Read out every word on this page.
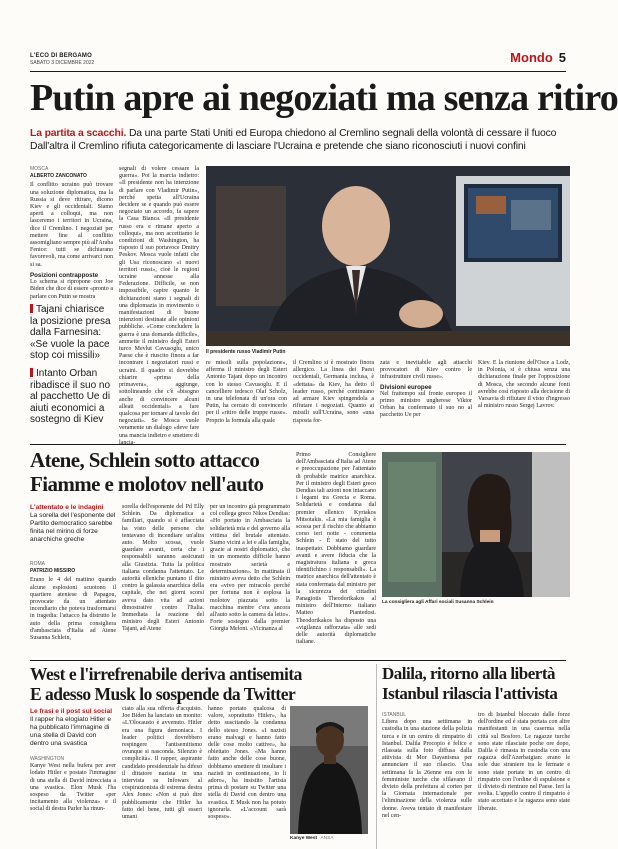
L'ECO DI BERGAMO
SABATO 3 DICEMBRE 2022	Mondo 5
Putin apre ai negoziati ma senza ritiro
La partita a scacchi. Da una parte Stati Uniti ed Europa chiedono al Cremlino segnali della volontà di cessare il fuoco Dall'altra il Cremlino rifiuta categoricamente di lasciare l'Ucraina e pretende che siano riconosciuti i nuovi confini
MOSCA
ALBERTO ZANCONATO
Il conflitto ucraino può trovare una soluzione diplomatica, ma la Russia si deve ritirare, dicono Kiev e gli occidentali. Siamo aperti a colloqui, ma non lasceremo i territori in Ucraina, dice il Cremlino. I negoziati per mettere fine al conflitto assomigliano sempre più all'Araba Fenice: tutti se dichiarano favorevoli, ma come arrivarci non si sa.
Posizioni contrapposte
Lo schema si ripropone con Joe Biden che dice di essere «pronto a parlare con Putin se mostra
Tajani chiarisce la posizione presa dalla Farnesina: «Se vuole la pace stop coi missili»
Intanto Orban ribadisce il suo no al pacchetto Ue di aiuti economici a sostegno di Kiev
segnali di volere cessare la guerra». Poi la marcia indietro: «Il presidente non ha intenzione di parlare con Vladimir Putin», perché spetta all'Ucraina decidere se e quando può essere negoziato un accordo, fa sapere la Casa Bianca. «Il presidente russo era e rimane aperto a colloqui», ma non accettiamo le condizioni di Washington, ha risposto il suo portavoce Dmitry Peskov. Mosca vuole infatti che gli Usa riconoscano «i nuovi territori russi», cioè le regioni ucraine annesse alla Federazione. Difficile, se non impossibile, capire quanto le dichiarazioni siano i segnali di una diplomazia in movimento o manifestazioni di buone intenzioni destinate alle opinioni pubbliche. «Come concludere la guerra è una domanda difficile», ammette il ministro degli Esteri turco Mevlut Cavusoglu, unico Paese che è riuscito finora a far incontrare i negoziatori russi e ucraini. Il quadro si dovrebbe chiarire «prima della primavera», aggiunge, sottolineando che c'è «bisogno anche di convincere alcuni alleati occidentali» a fare qualcosa per tornare al tavolo dei negoziati». Se Mosca vuole veramente un dialogo «deve fare una mancia indietro e smettere di lancia-
Il presidente russo Vladimir Putin
re missili sulla popolazione», afferma il ministro degli Esteri Antonio Tajani dopo un incontro con lo stesso Cavusoglu. E il cancelliere tedesco Olaf Scholz, in una telefonata di un'ora con Putin, ha cercato di convincerlo per il «ritiro delle truppe russe». Proprio la formula alla quale
il Cremlino si è mostrato finora allergico. La linea dei Paesi occidentali, Germania inclusa, è «dettata» da Kiev, ha detto il leader russo, perché continuano ad armare Kiev spingendola a rifiutare i negoziati. Quanto ai missili sull'Ucraina, sono «una risposta for-
zata e inevitabile agli attacchi provocatori di Kiev contro le infrastrutture civili russe».
Divisioni europee
Nel frattempo sul fronte europeo il primo ministro ungherese Viktor Orban ha confermato il suo no al pacchetto Ue per
Kiev. E la riunione dell'Osce a Lodz, in Polonia, si è chiusa senza una dichiarazione finale per l'opposizione di Mosca, che secondo alcune fonti avrebbe così risposto alla decisione di Varsavia di rifiutare il visto d'ingresso al ministro russo Sergej Lavrov.
Atene, Schlein sotto attacco
Fiamme e molotov nell'auto
L'attentato e le indagini
La sorella del l'esponente del Partito democratico sarebbe finita nel mirino di forze anarchiche greche
ROMA
PATRIZIO MISSIRO
Erano le 4 del mattino quando alcune esplosioni scuotono il quartiere ateniese di Papagou, provocate da un attentato incendiario che poteva trasformarsi in tragedia: l'attacco ha distrutto le auto della prima consigliera d'ambasciata d'Italia ad Atene Susanna Schlein,
sorella dell'esponente del Pd Elly Schlein. Da diplomatica a familiari, quando si è affacciata ha visto delle persone che tentavano di incendiare un'altra auto. Molto scossa, vuole guardare avanti, certa che i responsabili saranno assicurati alla Giustizia. Tutta la politica italiana condanna l'attentato. Le autorità elleniche puntano il dito contro la galassia anarchica della capitale, che nei giorni scorsi aveva dato vita ad azioni dimostrative contro l'Italia. Immediata la reazione del ministro degli Esteri Antonio Tajani, ad Atene
per un incontro già programmato col collega greco Nikos Dendias: «Ho portato in Ambasciata la solidarietà mia e del governo alla vittima del brutale attentato. Siamo vicini a lei e alla famiglia, grazie ai nostri diplomatici, che in un momento difficile hanno mostrato serietà e determinazione». In mattinata il ministro aveva detto che Schlein era «vivo per miracolo perché per fortuna non è esplosa la molotov piazzata sotto la macchina mentre c'era ancora all'auto sotto la camera da letto». Forte sostegno dalla premier Giorgia Meloni. «Vicinanza al
Primo Consigliere dell'Ambasciata d'Italia ad Atene e preoccupazione per l'attentato di probabile matrice anarchica. Per il ministro degli Esteri greco Dendias tali azioni non intaccano i legami tra Grecia e Roma. Solidarietà e condanna dal premier ellenico Kyriakos Mitsotakis. «La mia famiglia è scossa per il rischio che abbiamo corso ieri notte - commenta Schlein - È stato del tutto inaspettato. Dobbiamo guardare avanti e avere fiducia che la magistratura italiana e greca identifichino i responsabili». La matrice anarchica dell'attentato è stata confermata dal ministro per la sicurezza dei cittadini Panagiotis Theodorikakos al ministro dell'Interno italiano Matteo Piantedosi. Theodorikakos ha disposto una «vigilanza rafforzata» alle sedi delle autorità diplomatiche italiane.
La consigliera agli Affari sociali Susanna Schlein
West e l'irrefrenabile deriva antisemita
E adesso Musk lo sospende da Twitter
Le frasi e il post sul social
Il rapper ha elogiato Hitler e ha pubblicato l'immagine di una stella di David con dentro una svastica
WASHINGTON
Kanye West nella bufera per aver lodato Hitler e postato l'immagine di una stella di David intrecciata a una svastica. Elon Musk l'ha sospeso da Twitter «per incitamento alla violenza» e il social di destra Parler ha rinun-
ciato alla sua offerta d'acquisto. Joe Biden ha lanciato un monito: «L'Olocausto è avvenuto. Hitler era una figura demoniaca. I leader politici dovrebbero respingere l'antisemitismo ovunque si nasconda. Silenzio è complicità». Il rapper, aspirante candidato presidenziale ha difeso il dittatore nazista in una intervista su Infowars al cospirazionista di estrema destra Alex Jones: «Non si può dire pubblicamente che Hitler ha fatto del bene, tutti gli esseri umani
hanno portato qualcosa di valore, soprattutto Hitler», ha detto suscitando la condanna dello stesso Jones. «I nazisti erano malvagi e hanno fatto delle cose molto cattive», ha obiettato Jones. «Ma hanno fatto anche delle cose buone, dobbiamo smettere di insultare i nazisti in continuazione, io li adoro», ha insistito l'artista prima di postare su Twitter una stella di David con dentro una svastica. E Musk non ha potuto ignorarla. «L'account sarà sospeso».
Kanye West ANSA
Dalila, ritorno alla libertà
Istanbul rilascia l'attivista
ISTANBUL
Libera dopo una settimana in custodia in una stazione della polizia turca e in un centro di rimpatrio di Istanbul. Dalila Procopio è felice e rilassata sulla foto diffusa dalla attivista di Mor Dayanisma per annunciare il suo rilascio. Una settimana fa la 26enne era con le femministe turche che sfilavano il divieto della prefettura al corteo per la Giornata internazionale per l'eliminazione della violenza sulle donne. Aveva tentato di manifestare nel cen-
tro di Istanbul bloccato dalle forze dell'ordine ed è stata portata con altre manifestanti in una caserma nella città sul Bosforo. Le ragazze turche sono state rilasciate poche ore dopo, Dalila è rimasta in custodia con una ragazza dell'Azerbaigian: erano le sole due straniere tra le fermate e sono state portate in un centro di rimpatrio con l'ordine di espulsione e il divieto di rientrare nel Paese. Ieri la svolta. L'appello contro il rimpatrio è stato accettato e la ragazza sono state liberate.
